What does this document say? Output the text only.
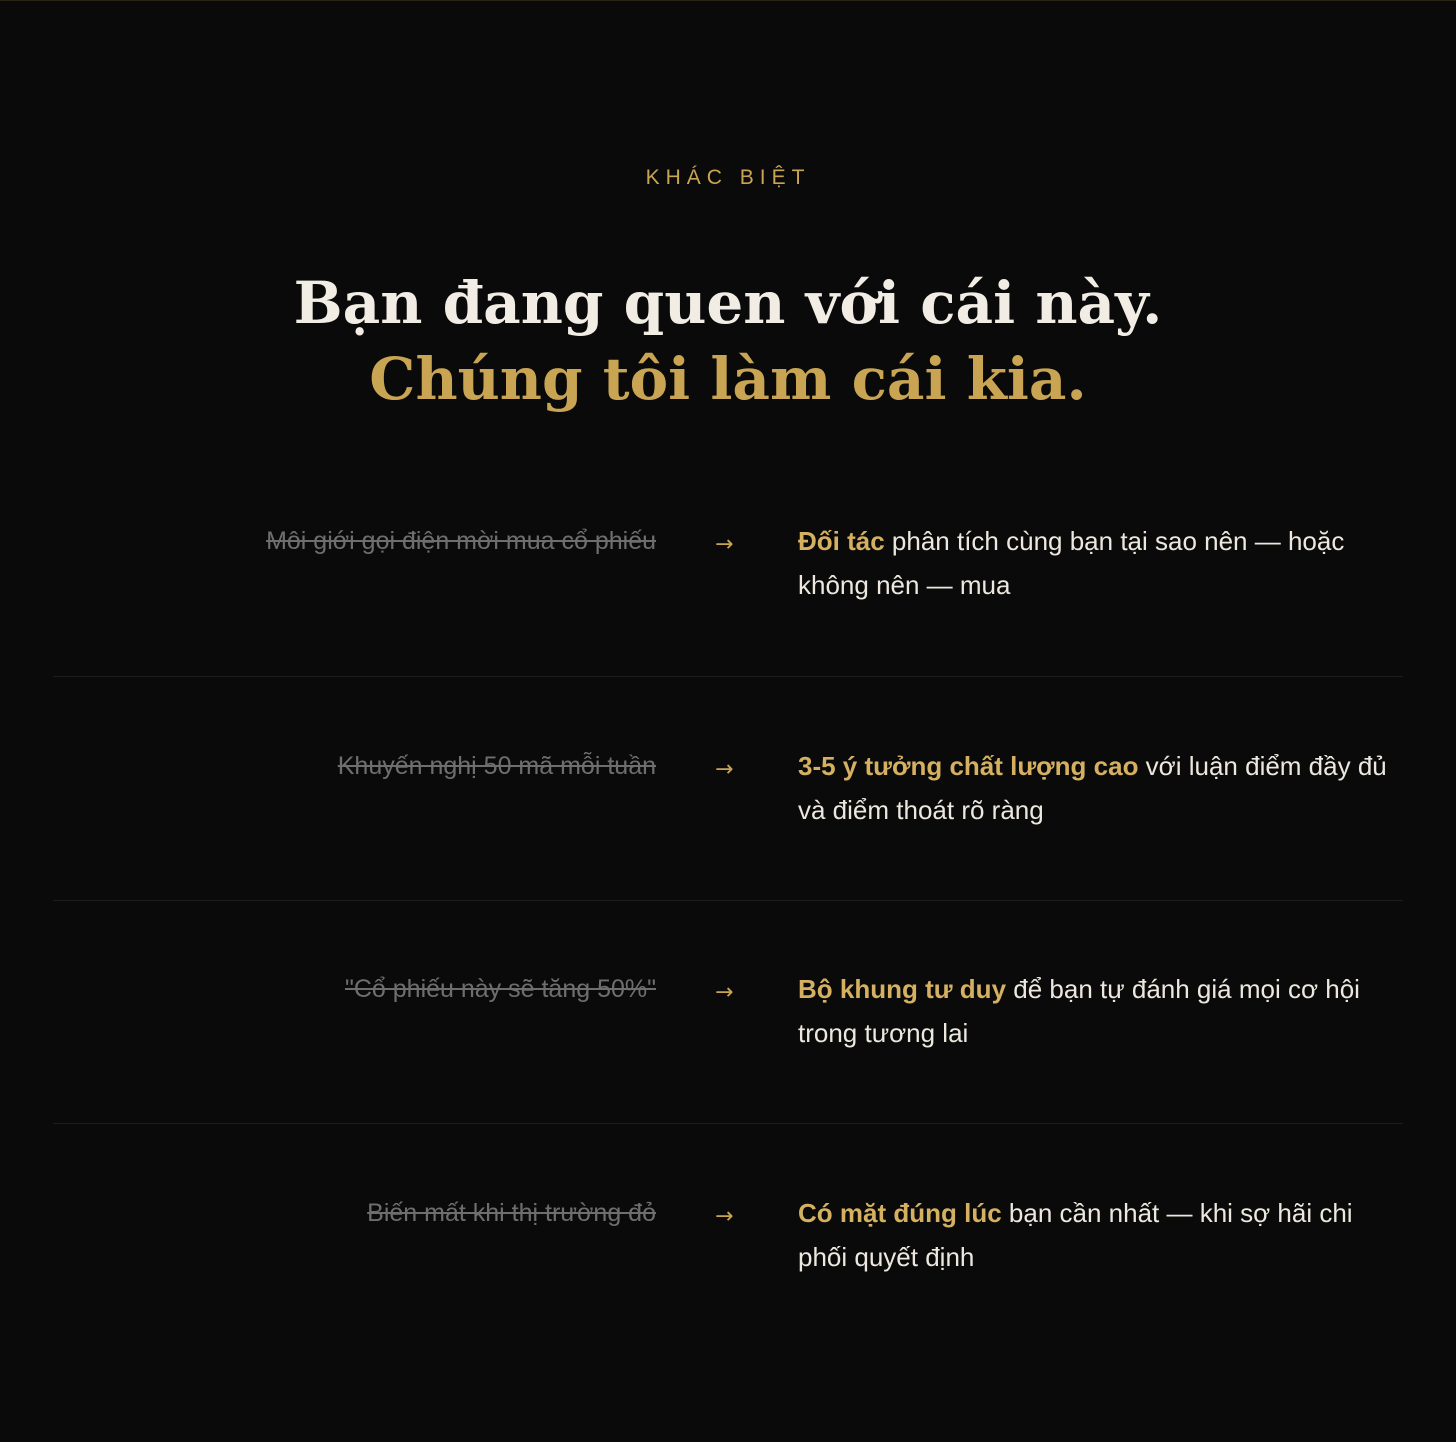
KHÁC BIỆT
Bạn đang quen với cái này.
Chúng tôi làm cái kia.
Môi giới gọi điện mời mua cổ phiếu	→ Đối tác phân tích cùng bạn tại sao nên — hoặc không nên — mua
Khuyến nghị 50 mã mỗi tuần	→ 3-5 ý tưởng chất lượng cao với luận điểm đầy đủ và điểm thoát rõ ràng
"Cổ phiếu này sẽ tăng 50%"	→ Bộ khung tư duy để bạn tự đánh giá mọi cơ hội trong tương lai
Biến mất khi thị trường đỏ	→ Có mặt đúng lúc bạn cần nhất — khi sợ hãi chi phối quyết định
